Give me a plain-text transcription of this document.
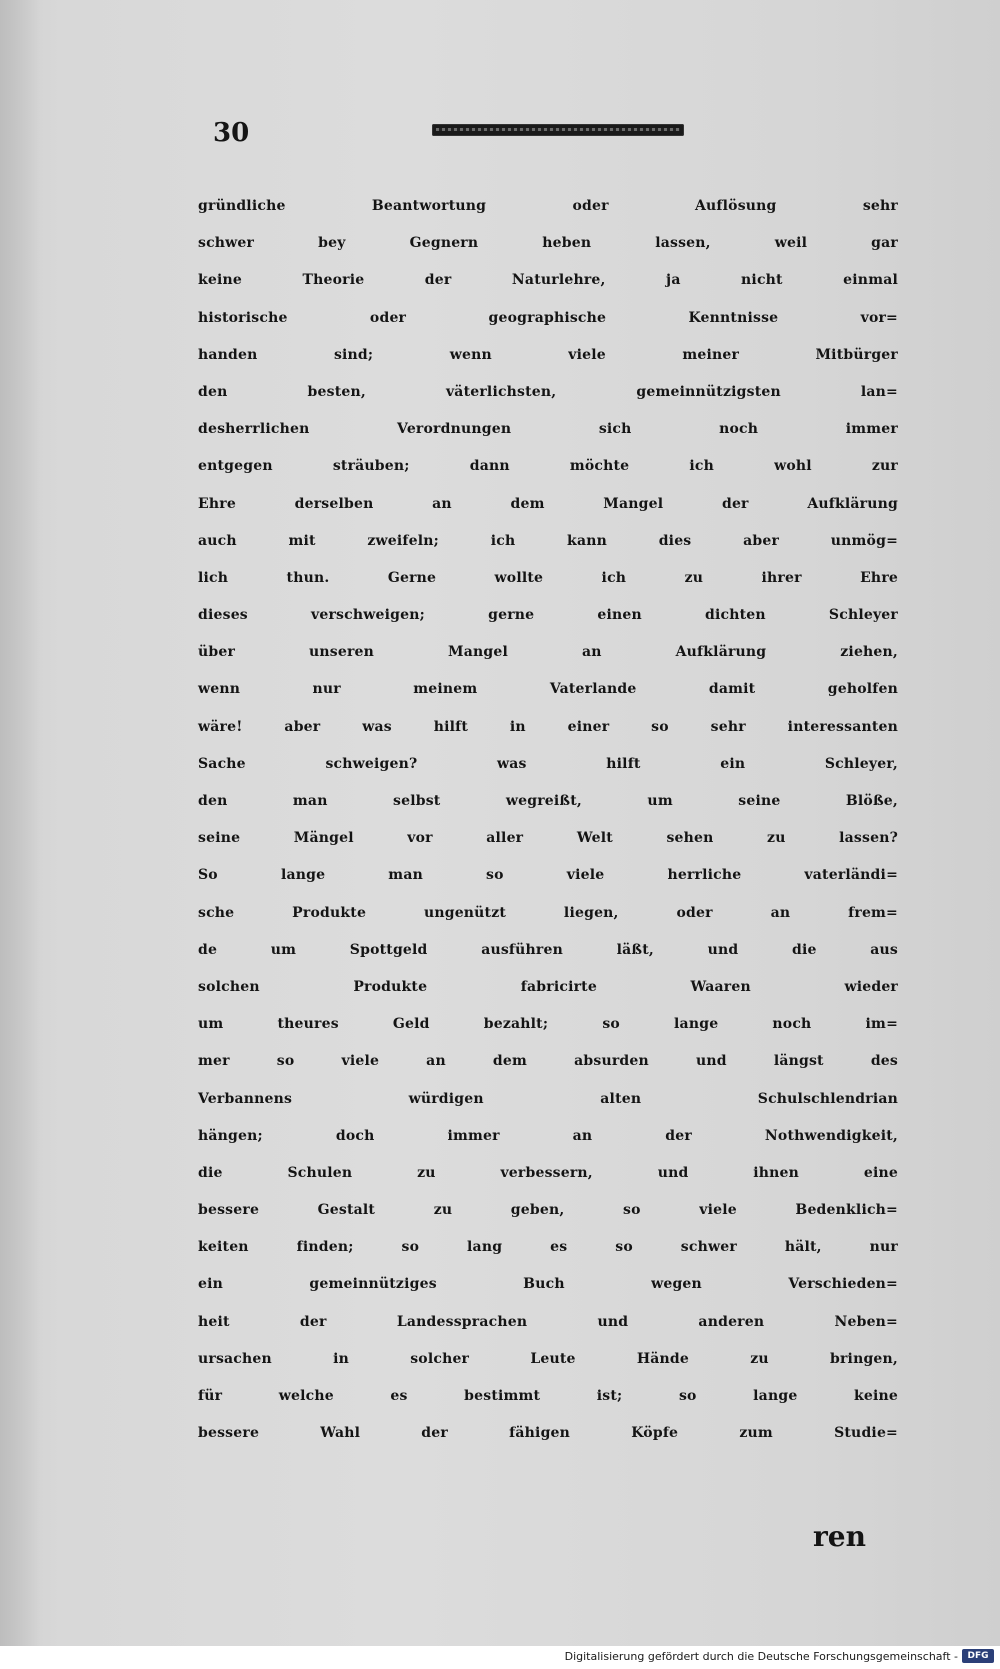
30
gründliche Beantwortung oder Auflösung sehr
schwer bey Gegnern heben lassen, weil gar
keine Theorie der Naturlehre, ja nicht einmal
historische oder geographische Kenntnisse vor=
handen sind; wenn viele meiner Mitbürger
den besten, väterlichsten, gemeinnützigsten lan=
desherrlichen Verordnungen sich noch immer
entgegen sträuben; dann möchte ich wohl zur
Ehre derselben an dem Mangel der Aufklärung
auch mit zweifeln; ich kann dies aber unmög=
lich thun. Gerne wollte ich zu ihrer Ehre
dieses verschweigen; gerne einen dichten Schleyer
über unseren Mangel an Aufklärung ziehen,
wenn nur meinem Vaterlande damit geholfen
wäre! aber was hilft in einer so sehr interessanten
Sache schweigen? was hilft ein Schleyer,
den man selbst wegreißt, um seine Blöße,
seine Mängel vor aller Welt sehen zu lassen?
So lange man so viele herrliche vaterländi=
sche Produkte ungenützt liegen, oder an frem=
de um Spottgeld ausführen läßt, und die aus
solchen Produkte fabricirte Waaren wieder
um theures Geld bezahlt; so lange noch im=
mer so viele an dem absurden und längst des
Verbannens würdigen alten Schulschlendrian
hängen; doch immer an der Nothwendigkeit,
die Schulen zu verbessern, und ihnen eine
bessere Gestalt zu geben, so viele Bedenklich=
keiten finden; so lang es so schwer hält, nur
ein gemeinnütziges Buch wegen Verschieden=
heit der Landessprachen und anderen Neben=
ursachen in solcher Leute Hände zu bringen,
für welche es bestimmt ist; so lange keine
bessere Wahl der fähigen Köpfe zum Studie=
ren
Digitalisierung gefördert durch die Deutsche Forschungsgemeinschaft -	DFG
